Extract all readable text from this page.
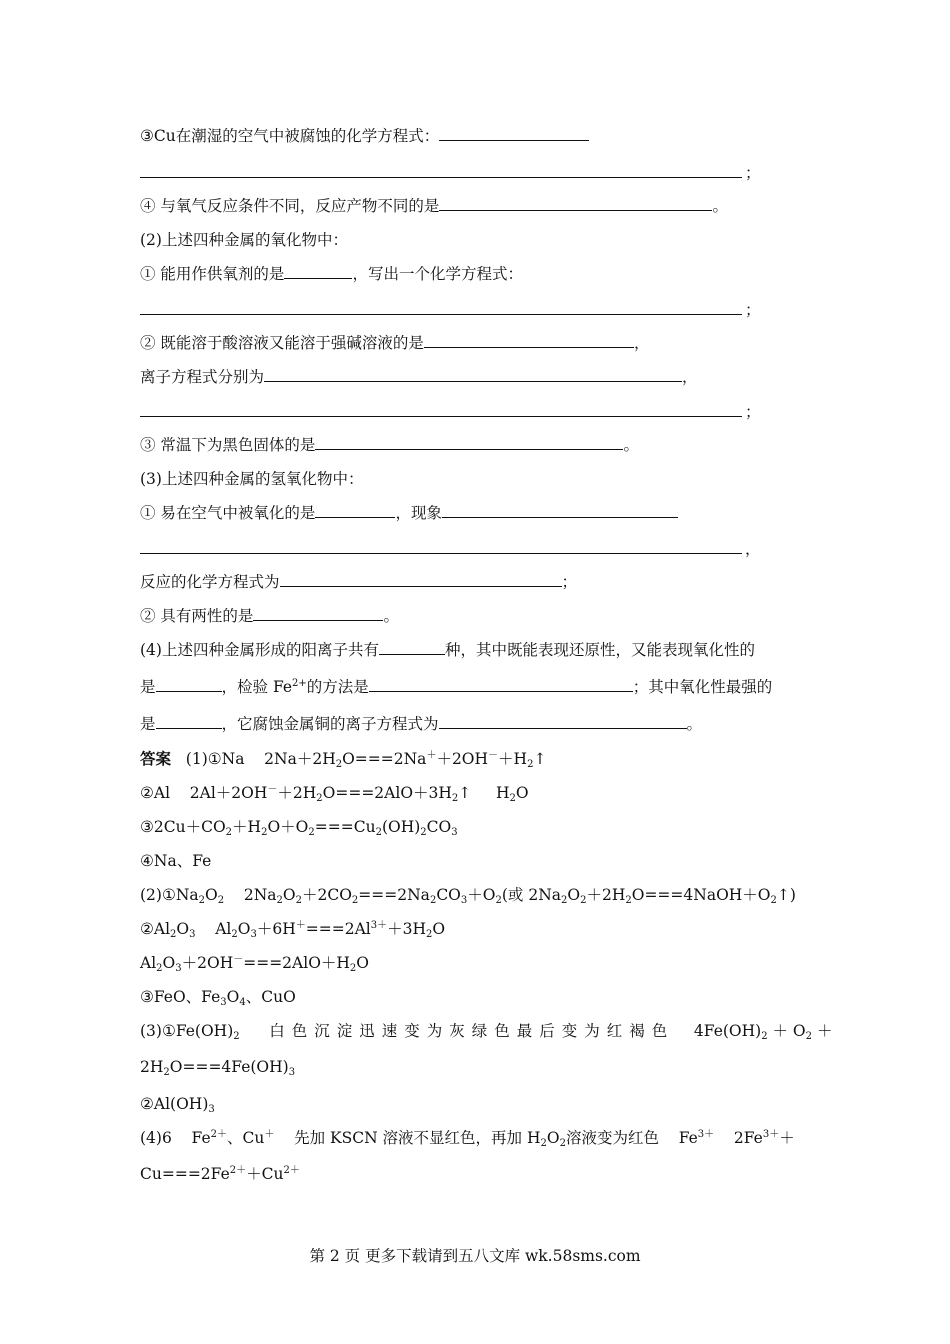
③Cu在潮湿的空气中被腐蚀的化学方程式：
；
④ 与氧气反应条件不同，反应产物不同的是	。
(2)上述四种金属的氧化物中：
① 能用作供氧剂的是	，写出一个化学方程式：
；
② 既能溶于酸溶液又能溶于强碱溶液的是	，
离子方程式分别为	，
；
③ 常温下为黑色固体的是	。
(3)上述四种金属的氢氧化物中：
① 易在空气中被氧化的是	，现象
，
反应的化学方程式为	；
② 具有两性的是	。
(4)上述四种金属形成的阳离子共有	种，其中既能表现还原性，又能表现氧化性的
是	，检验 $Fe^{2+}$的方法是	；其中氧化性最强的
是	，它腐蚀金属铜的离子方程式为	。
答案 (1)①Na $2Na+2H_2O===2Na^++2OH^-+H_2↑$
②Al $2Al+2OH^-+2H_2O===2AlO+3H_2↑$ $H_2O$
$③2Cu+CO_2+H_2O+O_2===Cu_2(OH)_2CO_3$
④Na、Fe
$(2)①Na_2O_2$ $2Na_2O_2+2CO_2===2Na_2CO_3+O_2$(或 $2Na_2O_2+2H_2O===4NaOH+O_2↑$)
$②Al_2O_3$ $Al_2O_3+6H^+===2Al^{3+}+3H_2O$
$Al_2O_3+2OH^-===2AlO+H_2O$
③FeO、$Fe_3O_4$、CuO
$(3)①Fe(OH)_2$ 白色沉淀迅速变为灰绿色最后变为红褐色 $4Fe(OH)_2 + O_2$ ＋
$2H_2O===4Fe(OH)_3$
$②Al(OH)_3$
(4)6 $Fe^{2+}$、Cu＋ 先加 KSCN 溶液不显红色，再加 $H_2O_2$溶液变为红色 $Fe^{3+}$ $2Fe^{3+}+$
$Cu===2Fe^{2+}+Cu^{2+}$
第 2 页 更多下载请到五八文库 wk.58sms.com
